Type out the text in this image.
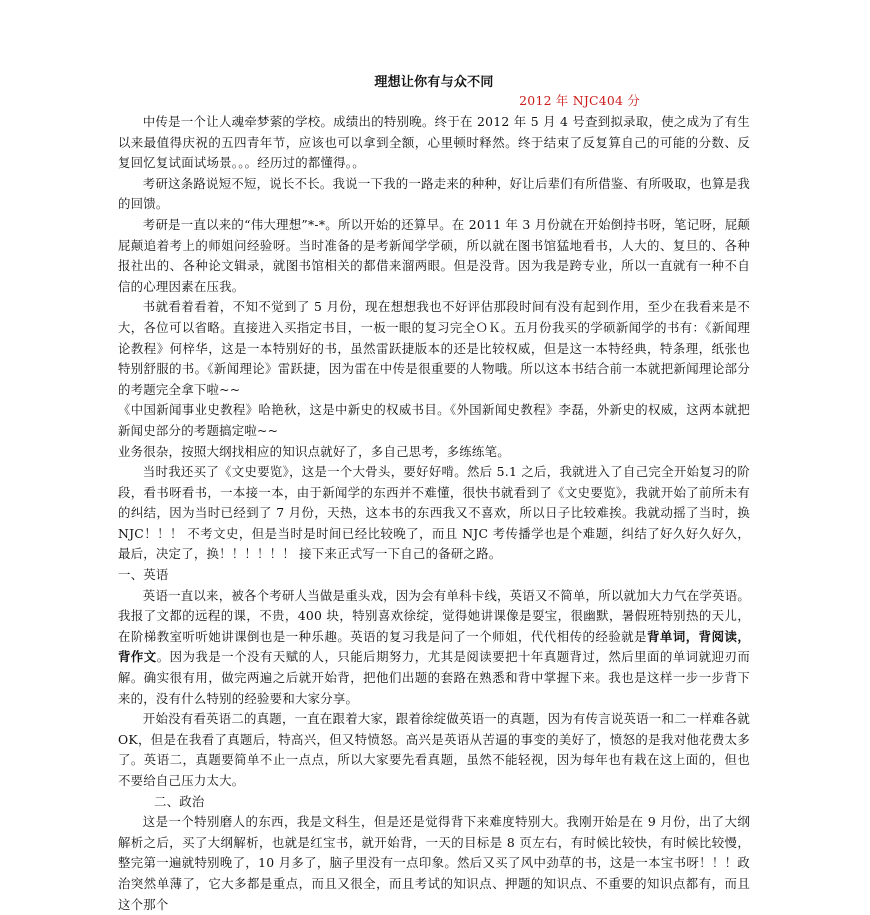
理想让你有与众不同
2012 年 NJC404 分

中传是一个让人魂牵梦萦的学校。成绩出的特别晚。终于在 2012 年 5 月 4 号查到拟录取，使之成为了有生以来最值得庆祝的五四青年节，应该也可以拿到全额，心里顿时释然。终于结束了反复算自己的可能的分数、反复回忆复试面试场景。。。经历过的都懂得。。

考研这条路说短不短，说长不长。我说一下我的一路走来的种种，好让后辈们有所借鉴、有所吸取，也算是我的回馈。

考研是一直以来的“伟大理想”*-*。所以开始的还算早。在 2011 年 3 月份就在开始倒持书呀，笔记呀，屁颠屁颠追着考上的师姐问经验呀。当时准备的是考新闻学学硕，所以就在图书馆猛地看书，人大的、复旦的、各种报社出的、各种论文辑录，就图书馆相关的都借来溜两眼。但是没背。因为我是跨专业，所以一直就有一种不自信的心理因素在压我。

书就看着看着，不知不觉到了 5 月份，现在想想我也不好评估那段时间有没有起到作用，至少在我看来是不大，各位可以省略。直接进入买指定书目，一板一眼的复习完全ＯＫ。五月份我买的学硕新闻学的书有：《新闻理论教程》何梓华，这是一本特别好的书，虽然雷跃捷版本的还是比较权威，但是这一本特经典，特条理，纸张也特别舒服的书。《新闻理论》雷跃捷，因为雷在中传是很重要的人物哦。所以这本书结合前一本就把新闻理论部分的考题完全拿下啦~~

《中国新闻事业史教程》哈艳秋，这是中新史的权威书目。《外国新闻史教程》李磊，外新史的权威，这两本就把新闻史部分的考题搞定啦~~

业务很杂，按照大纲找相应的知识点就好了，多自己思考，多练练笔。

当时我还买了《文史要览》，这是一个大骨头，要好好啃。然后 5.1 之后，我就进入了自己完全开始复习的阶段，看书呀看书，一本接一本，由于新闻学的东西并不难懂，很快书就看到了《文史要览》，我就开始了前所未有的纠结，因为当时已经到了 7 月份，天热，这本书的东西我又不喜欢，所以日子比较难挨。我就动摇了当时，换 NJC！！！ 不考文史，但是当时是时间已经比较晚了，而且 NJC 考传播学也是个难题，纠结了好久好久好久，最后，决定了，换！！！！！！ 接下来正式写一下自己的备研之路。

一、英语

英语一直以来，被各个考研人当做是重头戏，因为会有单科卡线，英语又不简单，所以就加大力气在学英语。我报了文都的远程的课，不贵，400 块，特别喜欢徐绽，觉得她讲课像是耍宝，很幽默，暑假班特别热的天儿，在阶梯教室听听她讲课倒也是一种乐趣。英语的复习我是问了一个师姐，代代相传的经验就是背单词，背阅读，背作文。因为我是一个没有天赋的人，只能后期努力，尤其是阅读要把十年真题背过，然后里面的单词就迎刃而解。确实很有用，做完两遍之后就开始背，把他们出题的套路在熟悉和背中掌握下来。我也是这样一步一步背下来的，没有什么特别的经验要和大家分享。

开始没有看英语二的真题，一直在跟着大家，跟着徐绽做英语一的真题，因为有传言说英语一和二一样难各就 OK，但是在我看了真题后，特高兴，但又特愤怒。高兴是英语从苦逼的事变的美好了，愤怒的是我对他花费太多了。英语二，真题要简单不止一点点，所以大家要先看真题，虽然不能轻视，因为每年也有栽在这上面的，但也不要给自己压力太大。

二、政治

这是一个特别磨人的东西，我是文科生，但是还是觉得背下来难度特别大。我刚开始是在 9 月份，出了大纲解析之后，买了大纲解析，也就是红宝书，就开始背，一天的目标是 8 页左右，有时候比较快，有时候比较慢，整完第一遍就特别晚了，10 月多了，脑子里没有一点印象。然后又买了风中劲草的书，这是一本宝书呀！！！政治突然单薄了，它大多都是重点，而且又很全，而且考试的知识点、押题的知识点、不重要的知识点都有，而且这个那个
